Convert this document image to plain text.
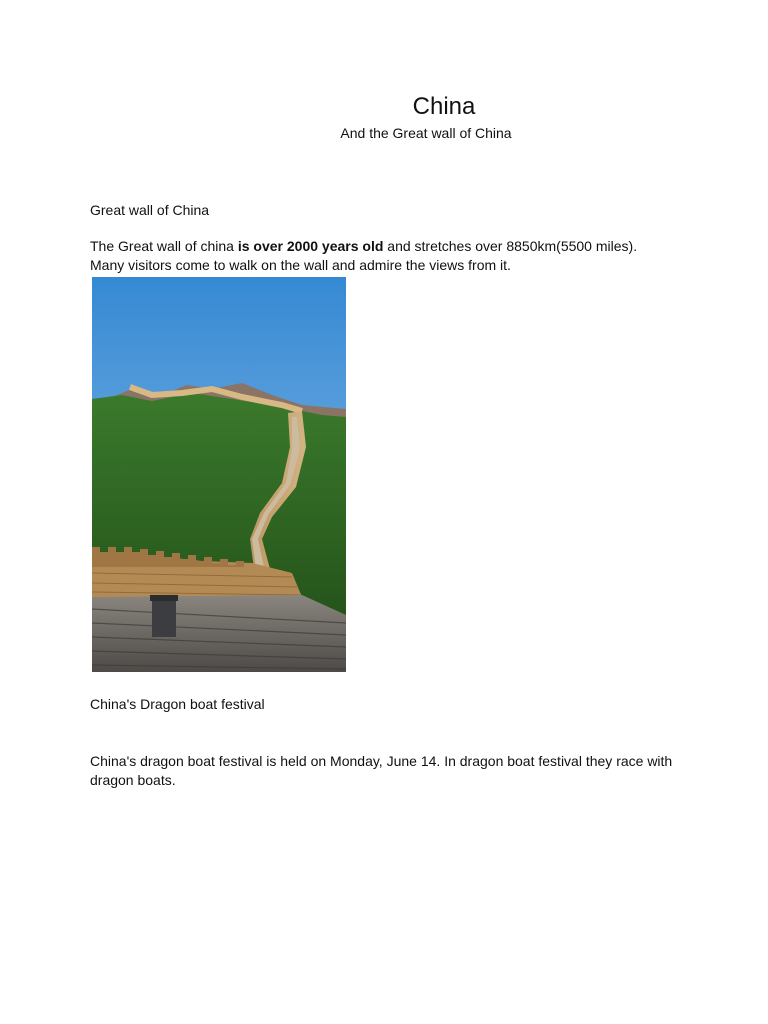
China

And the Great wall of China

Great wall of China

The Great wall of china is over 2000 years old and stretches over 8850km(5500 miles).
Many visitors come to walk on the wall and admire the views from it.

China's Dragon boat festival

China's dragon boat festival is held on Monday, June 14. In dragon boat festival they race with dragon boats.
